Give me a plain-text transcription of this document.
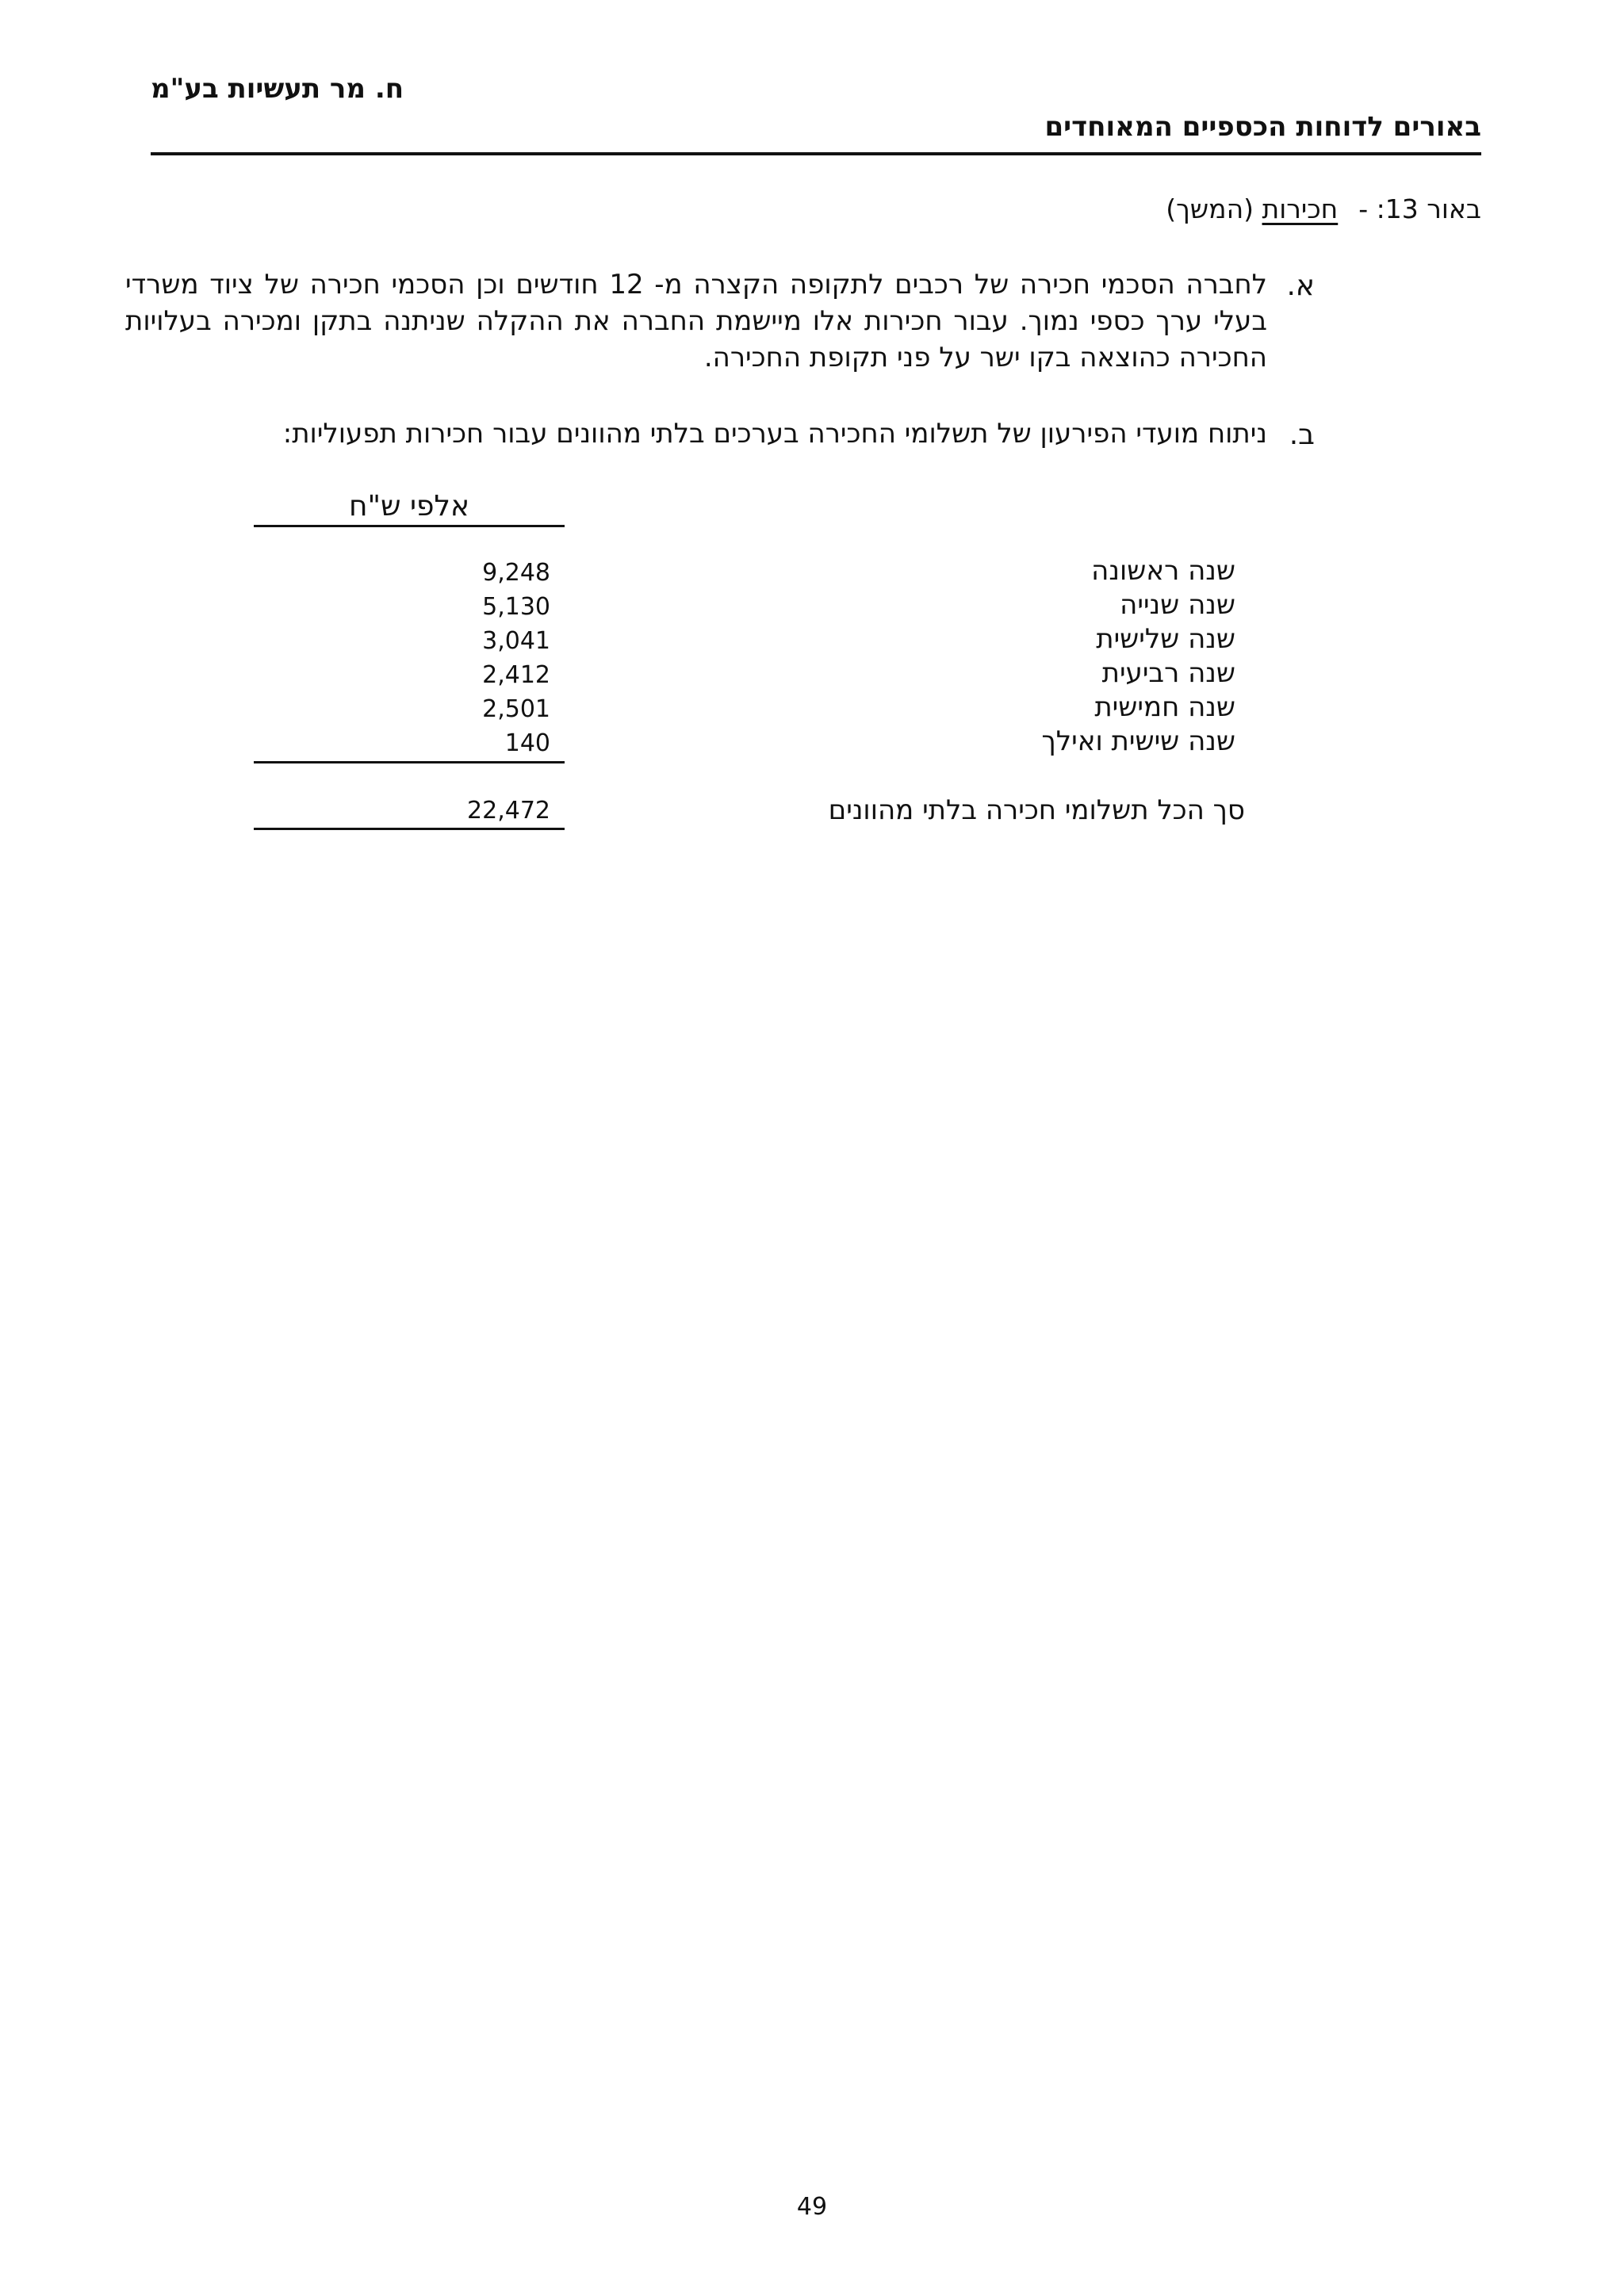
ח. מר תעשיות בע"מ
באורים לדוחות הכספיים המאוחדים
באור 13: -חכירות (המשך)
א.
לחברה הסכמי חכירה של רכבים לתקופה הקצרה מ- 12 חודשים וכן הסכמי חכירה של ציוד משרדי בעלי ערך כספי נמוך. עבור חכירות אלו מיישמת החברה את ההקלה שניתנה בתקן ומכירה בעלויות החכירה כהוצאה בקו ישר על פני תקופת החכירה.
ב.
ניתוח מועדי הפירעון של תשלומי החכירה בערכים בלתי מהוונים עבור חכירות תפעוליות:
אלפי ש"ח
שנה ראשונה
9,248
שנה שנייה
5,130
שנה שלישית
3,041
שנה רביעית
2,412
שנה חמישית
2,501
שנה שישית ואילך
140
סך הכל תשלומי חכירה בלתי מהוונים
22,472
49
